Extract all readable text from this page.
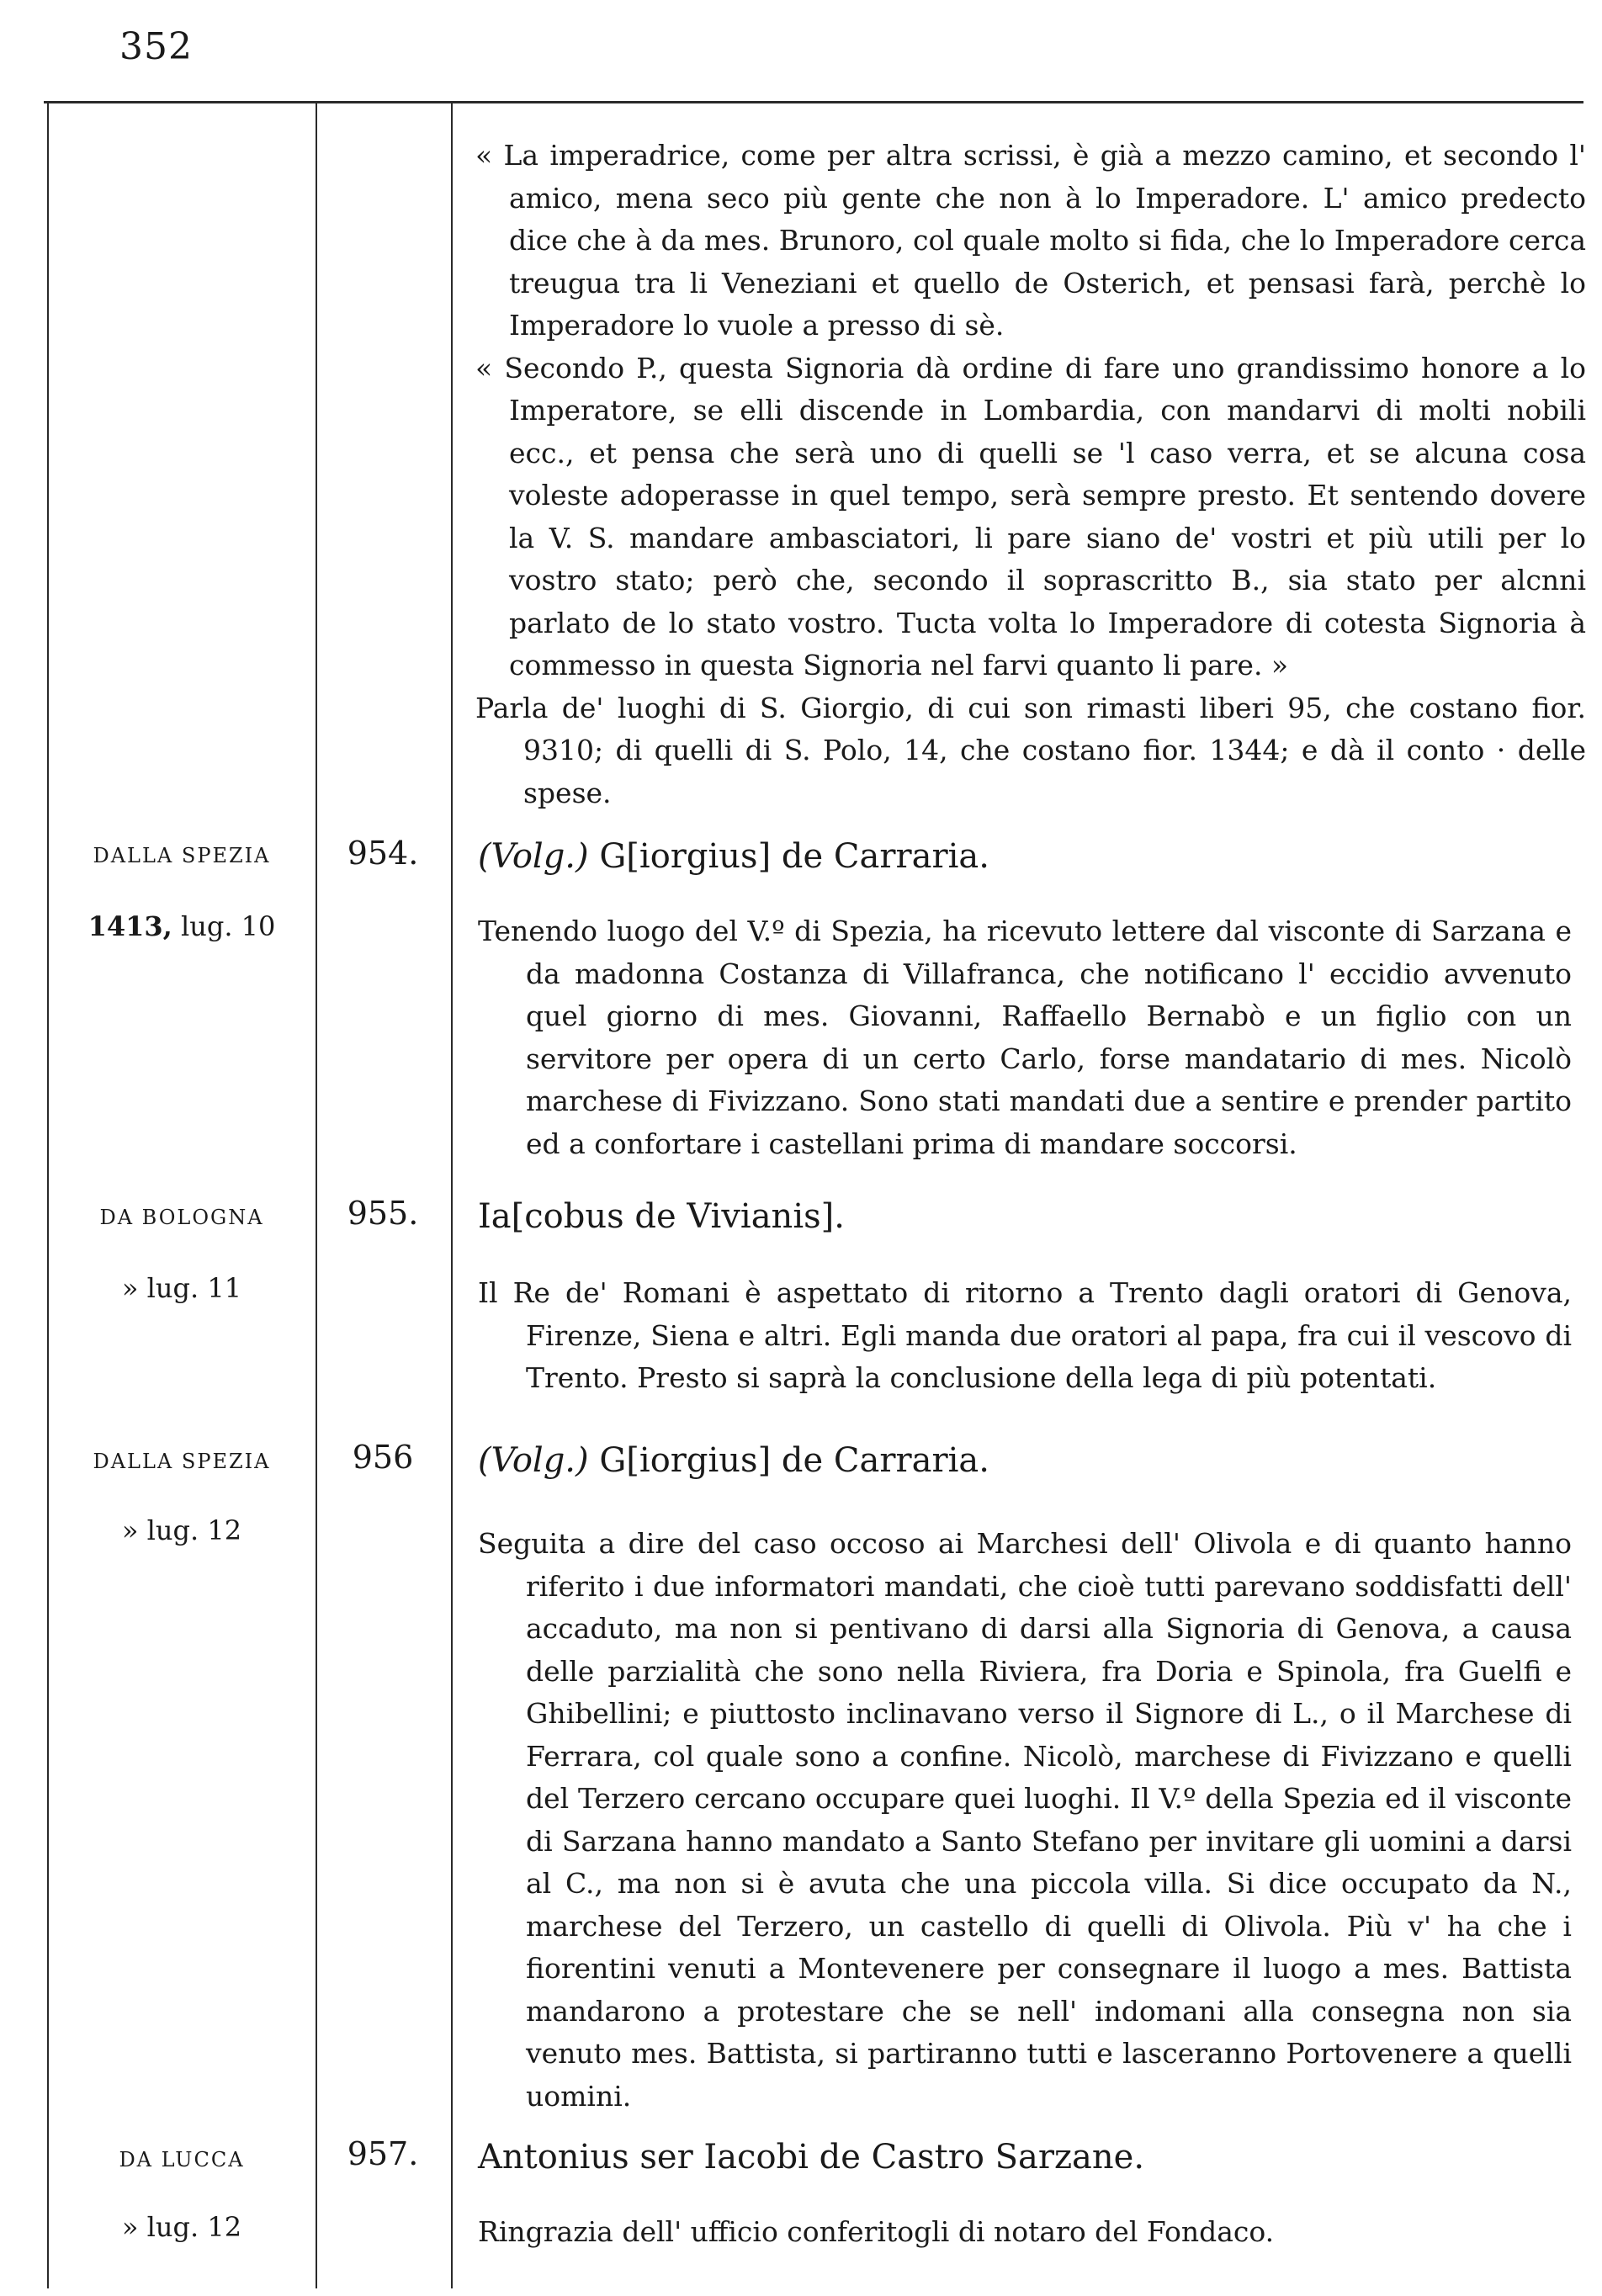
352

« La imperadrice, come per altra scrissi, è già a mezzo camino, et secondo l' amico, mena seco più gente che non à lo Imperadore. L' amico predecto dice che à da mes. Brunoro, col quale molto si fida, che lo Imperadore cerca treugua tra li Veneziani et quello de Osterich, et pensasi farà, perchè lo Imperadore lo vuole a presso di sè.

« Secondo P., questa Signoria dà ordine di fare uno grandissimo honore a lo Imperatore, se elli discende in Lombardia, con mandarvi di molti nobili ecc., et pensa che serà uno di quelli se 'l caso verra, et se alcuna cosa voleste adoperasse in quel tempo, serà sempre presto. Et sentendo dovere la V. S. mandare ambasciatori, li pare siano de' vostri et più utili per lo vostro stato; però che, secondo il soprascritto B., sia stato per alcnni parlato de lo stato vostro. Tucta volta lo Imperadore di cotesta Signoria à commesso in questa Signoria nel farvi quanto li pare. »

Parla de' luoghi di S. Giorgio, di cui son rimasti liberi 95, che costano fior. 9310; di quelli di S. Polo, 14, che costano fior. 1344; e dà il conto · delle spese.

DALLA SPEZIA	954.	(Volg.) G[iorgius] de Carraria.
1413, lug. 10	Tenendo luogo del V.º di Spezia, ha ricevuto lettere dal visconte di Sarzana e da madonna Costanza di Villafranca, che notificano l' eccidio avvenuto quel giorno di mes. Giovanni, Raffaello Bernabò e un figlio con un servitore per opera di un certo Carlo, forse mandatario di mes. Nicolò marchese di Fivizzano. Sono stati mandati due a sentire e prender partito ed a confortare i castellani prima di mandare soccorsi.

DA BOLOGNA	955.	Ia[cobus de Vivianis].
» lug. 11	Il Re de' Romani è aspettato di ritorno a Trento dagli oratori di Genova, Firenze, Siena e altri. Egli manda due oratori al papa, fra cui il vescovo di Trento. Presto si saprà la conclusione della lega di più potentati.

DALLA SPEZIA	956	(Volg.) G[iorgius] de Carraria.
» lug. 12	Seguita a dire del caso occoso ai Marchesi dell' Olivola e di quanto hanno riferito i due informatori mandati, che cioè tutti parevano soddisfatti dell' accaduto, ma non si pentivano di darsi alla Signoria di Genova, a causa delle parzialità che sono nella Riviera, fra Doria e Spinola, fra Guelfi e Ghibellini; e piuttosto inclinavano verso il Signore di L., o il Marchese di Ferrara, col quale sono a confine. Nicolò, marchese di Fivizzano e quelli del Terzero cercano occupare quei luoghi. Il V.º della Spezia ed il visconte di Sarzana hanno mandato a Santo Stefano per invitare gli uomini a darsi al C., ma non si è avuta che una piccola villa. Si dice occupato da N., marchese del Terzero, un castello di quelli di Olivola. Più v' ha che i fiorentini venuti a Montevenere per consegnare il luogo a mes. Battista mandarono a protestare che se nell' indomani alla consegna non sia venuto mes. Battista, si partiranno tutti e lasceranno Portovenere a quelli uomini.

DA LUCCA	957.	Antonius ser Iacobi de Castro Sarzane.
» lug. 12	Ringrazia dell' ufficio conferitogli di notaro del Fondaco.
